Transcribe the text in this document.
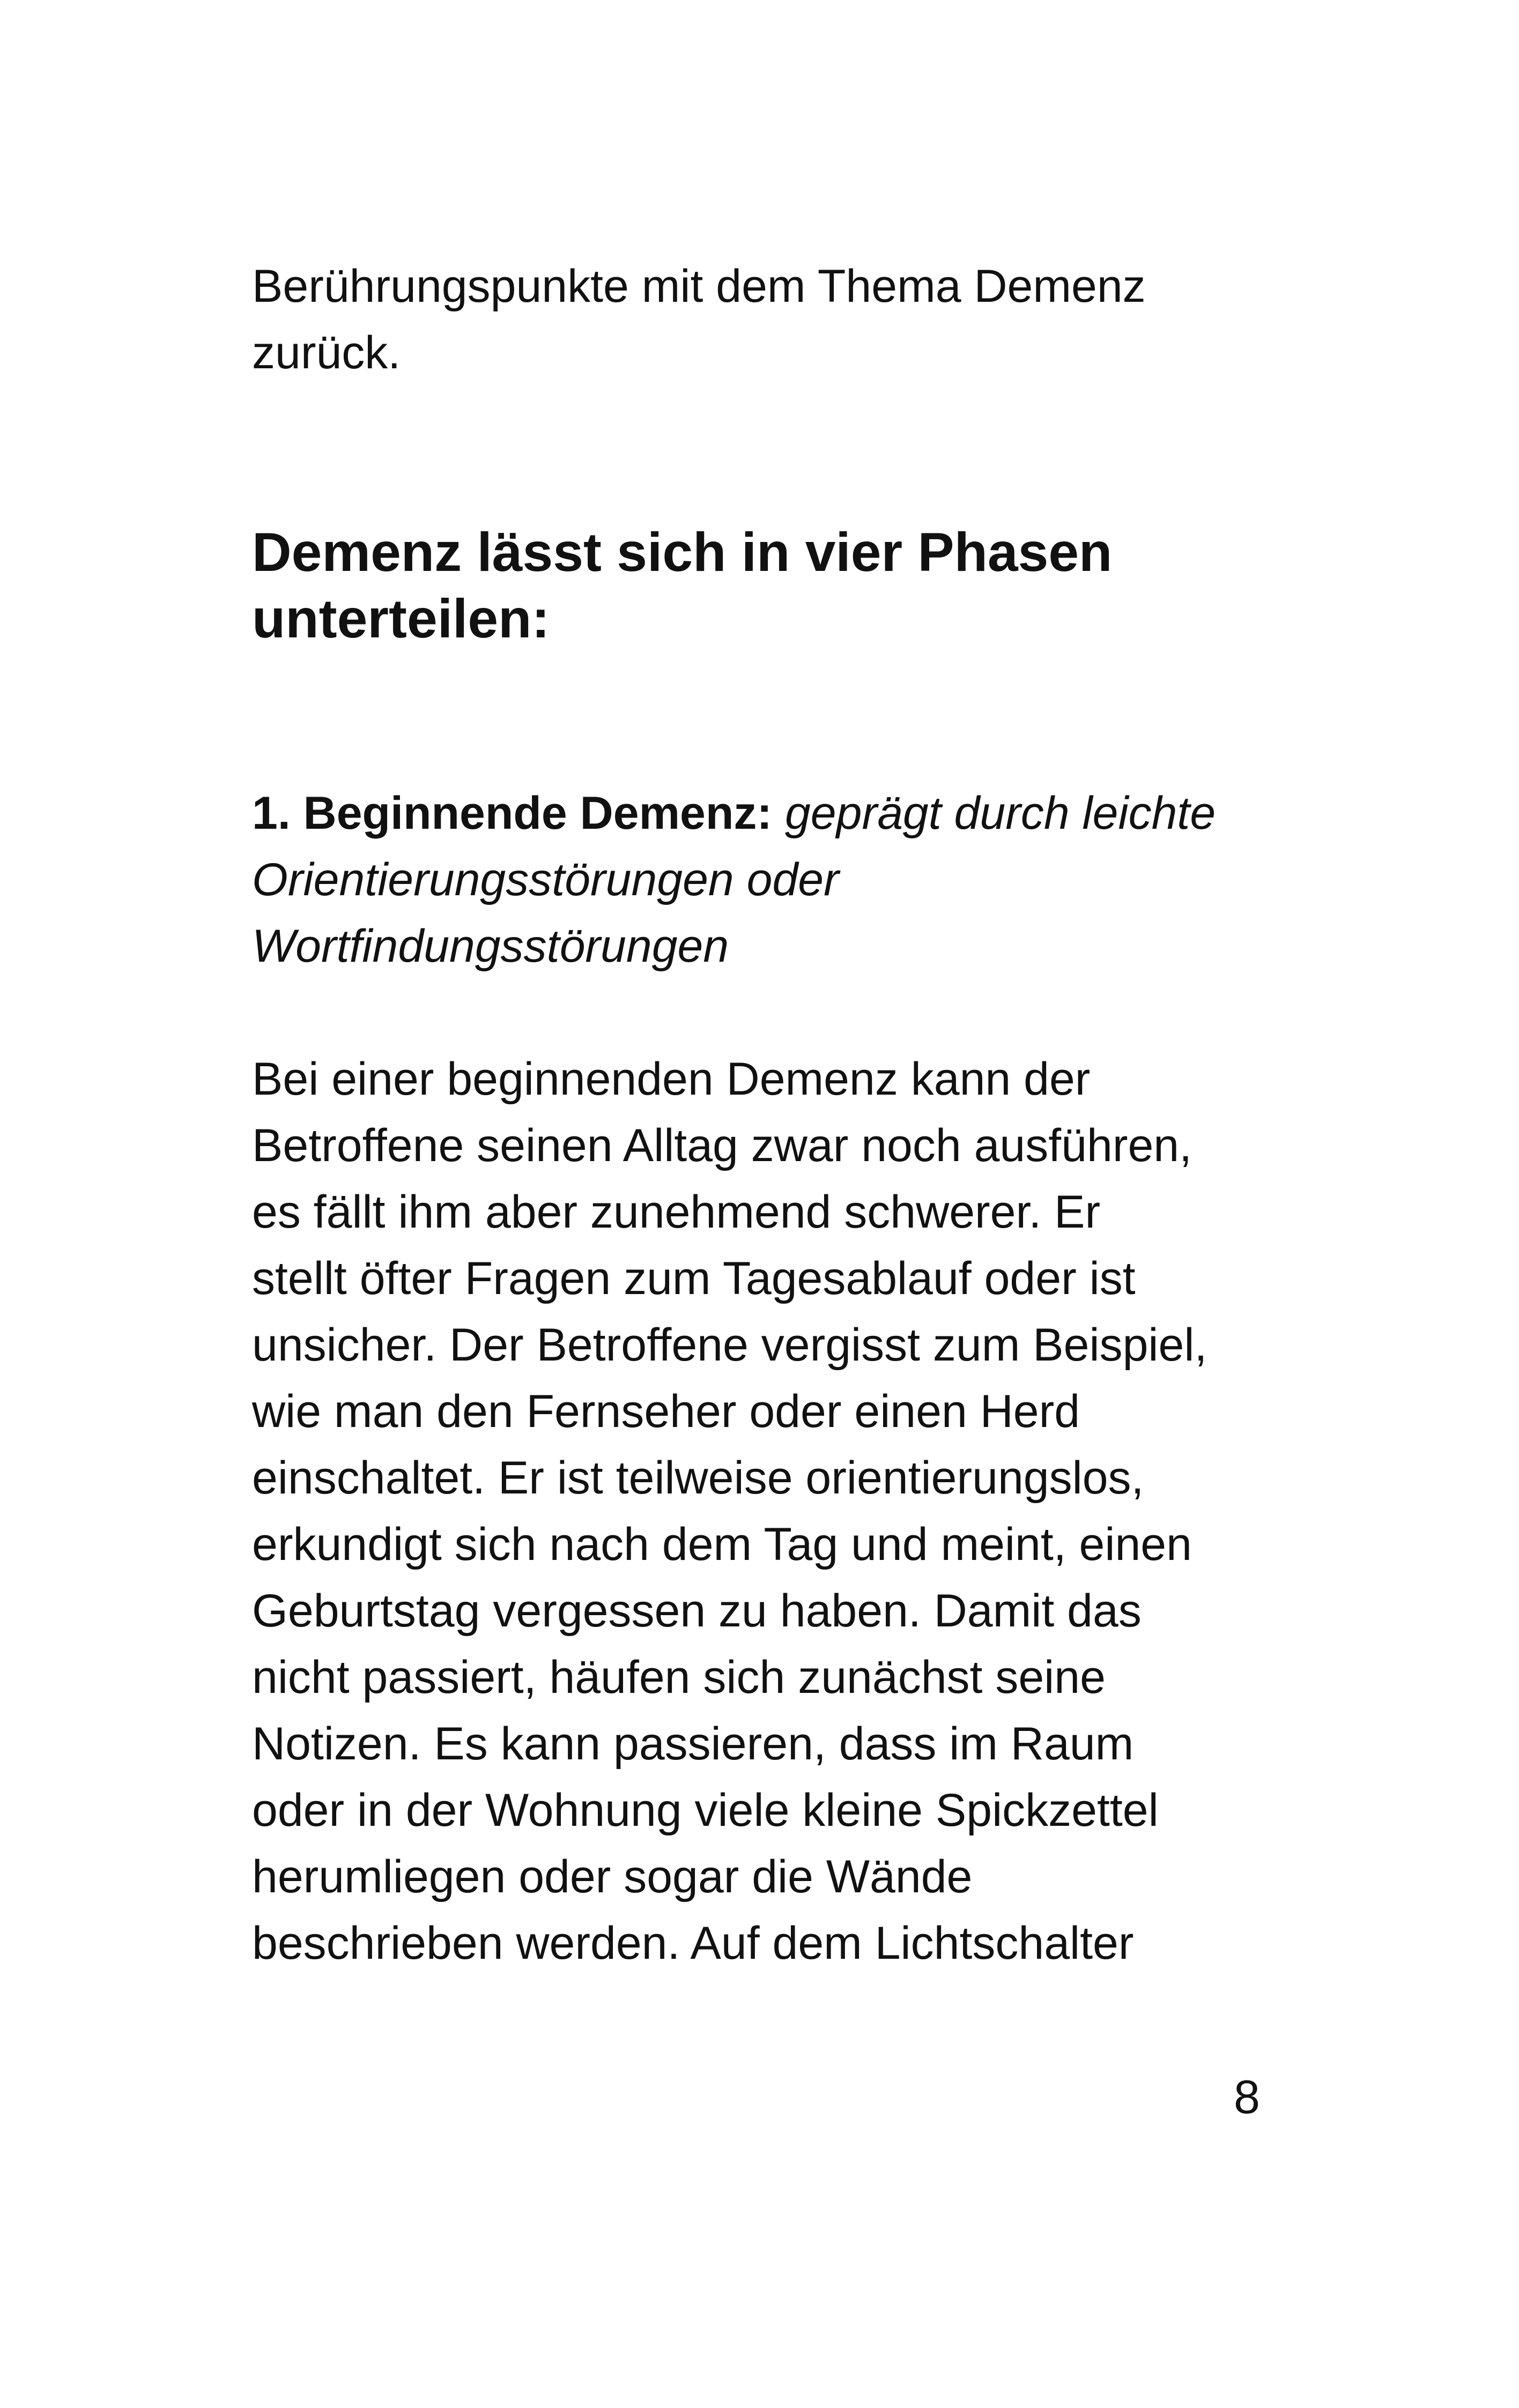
Berührungspunkte mit dem Thema Demenz
zurück.

Demenz lässt sich in vier Phasen
unterteilen:

1. Beginnende Demenz: geprägt durch leichte
Orientierungsstörungen oder
Wortfindungsstörungen

Bei einer beginnenden Demenz kann der
Betroffene seinen Alltag zwar noch ausführen,
es fällt ihm aber zunehmend schwerer. Er
stellt öfter Fragen zum Tagesablauf oder ist
unsicher. Der Betroffene vergisst zum Beispiel,
wie man den Fernseher oder einen Herd
einschaltet. Er ist teilweise orientierungslos,
erkundigt sich nach dem Tag und meint, einen
Geburtstag vergessen zu haben. Damit das
nicht passiert, häufen sich zunächst seine
Notizen. Es kann passieren, dass im Raum
oder in der Wohnung viele kleine Spickzettel
herumliegen oder sogar die Wände
beschrieben werden. Auf dem Lichtschalter

8
